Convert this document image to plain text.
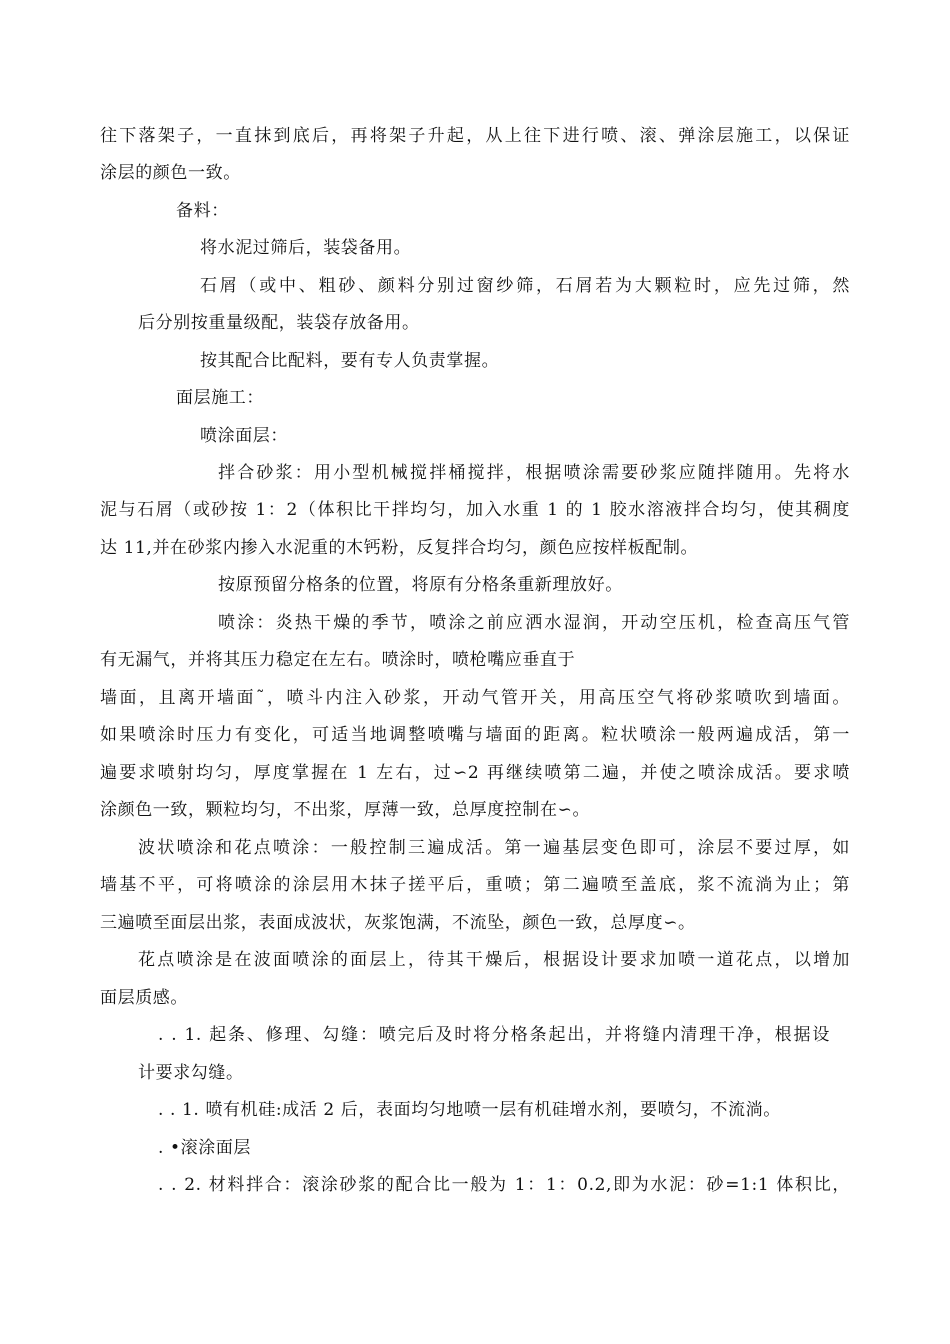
往下落架子，一直抹到底后，再将架子升起，从上往下进行喷、滚、弹涂层施工，以保证
涂层的颜色一致。
备料：
将水泥过筛后，装袋备用。
石屑（或中、粗砂、颜料分别过窗纱筛，石屑若为大颗粒时，应先过筛，然
后分别按重量级配，装袋存放备用。
按其配合比配料，要有专人负责掌握。
面层施工：
喷涂面层：
拌合砂浆：用小型机械搅拌桶搅拌，根据喷涂需要砂浆应随拌随用。先将水
泥与石屑（或砂按 1：2（体积比干拌均匀，加入水重 1 的 1 胶水溶液拌合均匀，使其稠度
达 11,并在砂浆内掺入水泥重的木钙粉，反复拌合均匀，颜色应按样板配制。
按原预留分格条的位置，将原有分格条重新理放好。
喷涂：炎热干燥的季节，喷涂之前应洒水湿润，开动空压机，检查高压气管
有无漏气，并将其压力稳定在左右。喷涂时，喷枪嘴应垂直于
墙面，且离开墙面˜，喷斗内注入砂浆，开动气管开关，用高压空气将砂浆喷吹到墙面。
如果喷涂时压力有变化，可适当地调整喷嘴与墙面的距离。粒状喷涂一般两遍成活，第一
遍要求喷射均匀，厚度掌握在 1 左右，过∽2 再继续喷第二遍，并使之喷涂成活。要求喷
涂颜色一致，颗粒均匀，不出浆，厚薄一致，总厚度控制在∽。
波状喷涂和花点喷涂：一般控制三遍成活。第一遍基层变色即可，涂层不要过厚，如
墙基不平，可将喷涂的涂层用木抹子搓平后，重喷；第二遍喷至盖底，浆不流淌为止；第
三遍喷至面层出浆，表面成波状，灰浆饱满，不流坠，颜色一致，总厚度∽。
花点喷涂是在波面喷涂的面层上，待其干燥后，根据设计要求加喷一道花点，以增加
面层质感。
. . 1. 起条、修理、勾缝：喷完后及时将分格条起出，并将缝内清理干净，根据设
计要求勾缝。
. . 1. 喷有机硅:成活 2 后，表面均匀地喷一层有机硅增水剂，要喷匀，不流淌。
. •滚涂面层
. . 2. 材料拌合：滚涂砂浆的配合比一般为 1：1：0.2,即为水泥：砂=1:1 体积比，
